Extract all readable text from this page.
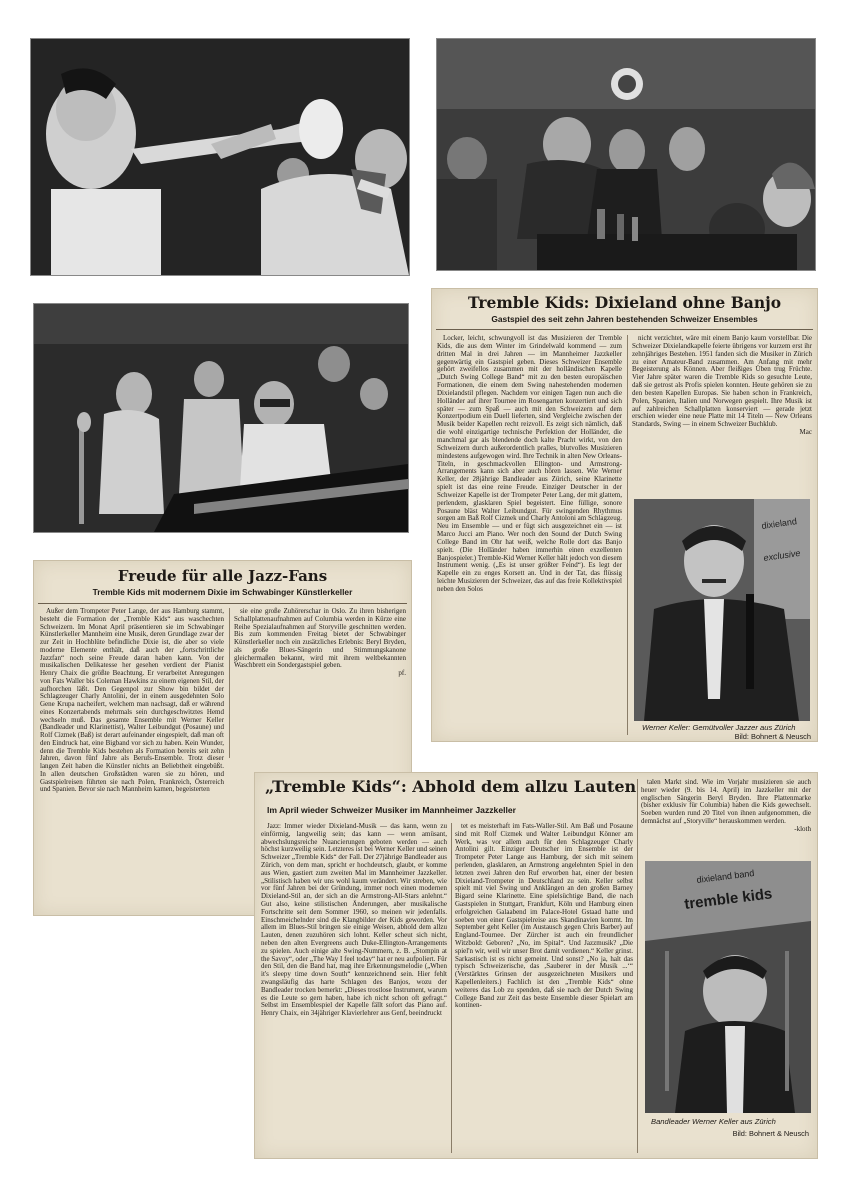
Tremble Kids: Dixieland ohne Banjo
Gastspiel des seit zehn Jahren bestehenden Schweizer Ensembles

Locker, leicht, schwungvoll ist das Musizieren der Tremble Kids, die aus dem Winter im Grindelwald kommend — zum dritten Mal in drei Jahren — im Mannheimer Jazzkeller gegenwärtig ein Gastspiel geben. Dieses Schweizer Ensemble gehört zweifellos zusammen mit der holländischen Kapelle „Dutch Swing College Band“ mit zu den besten europäischen Formationen, die einem dem Swing nahestehenden modernen Dixielandstil pflegen. Nachdem vor einigen Tagen nun auch die Holländer auf ihrer Tournee im Rosengarten konzertiert und sich später — zum Spaß — auch mit den Schweizern auf dem Konzertpodium ein Duell lieferten, sind Vergleiche zwischen der Musik beider Kapellen recht reizvoll. Es zeigt sich nämlich, daß die wohl einzigartige technische Perfektion der Holländer, die manchmal gar als blendende doch kalte Pracht wirkt, von den Schweizern durch außerordentlich pralles, blutvolles Musizieren mindestens aufgewogen wird. Ihre Technik in alten New Orleans-Titeln, in geschmackvollen Ellington- und Armstrong-Arrangements kann sich aber auch hören lassen. Wie Werner Keller, der 28jährige Bandleader aus Zürich, seine Klarinette spielt ist das eine reine Freude. Einziger Deutscher in der Schweizer Kapelle ist der Trompeter Peter Lang, der mit glattem, perlendem, glasklaren Spiel begeistert. Eine füllige, sonore Posaune bläst Walter Leibundgut. Für swingenden Rhythmus sorgen am Baß Rolf Cizmek und Charly Antoloni am Schlagzeug. Neu im Ensemble — und er fügt sich ausgezeichnet ein — ist Marco Jucci am Piano. Wer noch den Sound der Dutch Swing College Band im Ohr hat weiß, welche Rolle dort das Banjo spielt. (Die Holländer haben immerhin einen exzellenten Banjospieler.) Tremble-Kid Werner Keller hält jedoch von diesem Instrument wenig. („Es ist unser größter Feind“). Es legt der Kapelle ein zu enges Korsett an. Und in der Tat, das flüssig leichte Musizieren der Schweizer, das auf das freie Kollektivspiel neben den Solos

nicht verzichtet, wäre mit einem Banjo kaum vorstellbar. Die Schweizer Dixielandkapelle feierte übrigens vor kurzem erst ihr zehnjähriges Bestehen. 1951 fanden sich die Musiker in Zürich zu einer Amateur-Band zusammen. Am Anfang mit mehr Begeisterung als Können. Aber fleißiges Üben trug Früchte. Vier Jahre später waren die Tremble Kids so gesuchte Leute, daß sie getrost als Profis spielen konnten. Heute gehören sie zu den besten Kapellen Europas. Sie haben schon in Frankreich, Polen, Spanien, Italien und Norwegen gespielt. Ihre Musik ist auf zahlreichen Schallplatten konserviert — gerade jetzt erschien wieder eine neue Platte mit 14 Titeln — New Orleans Standards, Swing — in einem Schweizer Buchklub.

Mac
dixieland
exclusive
Werner Keller: Gemütvoller Jazzer aus Zürich
Bild: Bohnert & Neusch
Freude für alle Jazz-Fans
Tremble Kids mit modernem Dixie im Schwabinger Künstlerkeller

Außer dem Trompeter Peter Lange, der aus Hamburg stammt, besteht die Formation der „Tremble Kids“ aus waschechten Schweizern. Im Monat April präsentieren sie im Schwabinger Künstlerkeller Mannheim eine Musik, deren Grundlage zwar der zur Zeit in Hochblüte befindliche Dixie ist, die aber so viele moderne Elemente enthält, daß auch der „fortschrittliche Jazzfan“ noch seine Freude daran haben kann. Von der musikalischen Delikatesse her gesehen verdient der Pianist Henry Chaix die größte Beachtung. Er verarbeitet Anregungen von Fats Waller bis Coleman Hawkins zu einem eigenen Stil, der aufhorchen läßt. Den Gegenpol zur Show bin bildet der Schlagzeuger Charly Antolini, der in einem ausgedehnten Solo Gene Krupa nacheifert, welchem man nachsagt, daß er während eines Konzertabends mehrmals sein durchgeschwitztes Hemd wechseln muß. Das gesamte Ensemble mit Werner Keller (Bandleader und Klarinettist), Walter Leibundgut (Posaune) und Rolf Cizmek (Baß) ist derart aufeinander eingespielt, daß man oft den Eindruck hat, eine Bigband vor sich zu haben. Kein Wunder, denn die Tremble Kids bestehen als Formation bereits seit zehn Jahren, davon fünf Jahre als Berufs-Ensemble. Trotz dieser langen Zeit haben die Künstler nichts an Beliebtheit eingebüßt. In allen deutschen Großstädten waren sie zu hören, und Gastspielreisen führten sie nach Polen, Frankreich, Österreich und Spanien. Bevor sie nach Mannheim kamen, begeisterten

sie eine große Zuhörerschar in Oslo. Zu ihren bisherigen Schallplattenaufnahmen auf Columbia werden in Kürze eine Reihe Spezialaufnahmen auf Storyville geschnitten werden. Bis zum kommenden Freitag bietet der Schwabinger Künstlerkeller noch ein zusätzliches Erlebnis: Beryl Bryden, als große Blues-Sängerin und Stimmungskanone gleichermaßen bekannt, wird mit ihrem weltbekannten Waschbrett ein Sondergastspiel geben.

pf.
„Tremble Kids“: Abhold dem allzu Lauten
Im April wieder Schweizer Musiker im Mannheimer Jazzkeller

Jazz: Immer wieder Dixieland-Musik — das kann, wenn zu einförmig, langweilig sein; das kann — wenn amüsant, abwechslungsreiche Nuancierungen geboten werden — auch höchst kurzweilig sein. Letzteres ist bei Werner Keller und seinen Schweizer „Tremble Kids“ der Fall. Der 27jährige Bandleader aus Zürich, von dem man, spricht er hochdeutsch, glaubt, er komme aus Wien, gastiert zum zweiten Mal im Mannheimer Jazzkeller. „Stilistisch haben wir uns wohl kaum verändert. Wir streben, wie vor fünf Jahren bei der Gründung, immer noch einen modernen Dixieland-Stil an, der sich an die Armstrong-All-Stars anlehnt.“ Gut also, keine stilistischen Änderungen, aber musikalische Fortschritte seit dem Sommer 1960, so meinen wir jedenfalls. Einschmeichelnder sind die Klangbilder der Kids geworden. Vor allem im Blues-Stil bringen sie einige Weisen, abhold dem allzu Lauten, denen zuzuhören sich lohnt. Keller scheut sich nicht, neben den alten Evergreens auch Duke-Ellington-Arrangements zu spielen. Auch einige alte Swing-Nummern, z. B. „Stompin at the Savoy“, oder „The Way I feel today“ hat er neu aufpoliert. Für den Stil, den die Band hat, mag ihre Erkennungsmelodie („When it's sleepy time down South“ kennzeichnend sein. Hier fehlt zwangsläufig das harte Schlagen des Banjos, wozu der Bandleader trocken bemerkt: „Dieses trostlose Instrument, warum es die Leute so gern haben, habe ich nicht schon oft gefragt.“ Selbst im Ensemblespiel der Kapelle fällt sofort das Piano auf. Henry Chaix, ein 34jähriger Klavierlehrer aus Genf, beeindruckt

tet es meisterhaft im Fats-Waller-Stil. Am Baß und Posaune sind mit Rolf Cizmek und Walter Leibundgut Könner am Werk, was vor allem auch für den Schlagzeuger Charly Antolini gilt. Einziger Deutscher im Ensemble ist der Trompeter Peter Lange aus Hamburg, der sich mit seinem perlenden, glasklaren, an Armstrong angelehnten Spiel in den letzten zwei Jahren den Ruf erworben hat, einer der besten Dixieland-Trompeter in Deutschland zu sein. Keller selbst spielt mit viel Swing und Anklängen an den großen Barney Bigard seine Klarinette. Eine spielsüchtige Band, die nach Gastspielen in Stuttgart, Frankfurt, Köln und Hamburg einen erfolgreichen Galaabend im Palace-Hotel Gstaad hatte und soeben von einer Gastspielreise aus Skandinavien kommt. Im September geht Keller (im Austausch gegen Chris Barber) auf England-Tournee. Der Zürcher ist auch ein freundlicher Witzbold: Geboren? „No, im Spital“. Und Jazzmusik? „Die spiel'n wir, weil wir unser Brot damit verdienen.“ Keller grinst. Sarkastisch ist es nicht gemeint. Und sonst? „No ja, halt das typisch Schweizerische, das ‚Sauberer in der Musik ...‘“ (Verstärktes Grinsen der ausgezeichneten Musikers und Kapellenleiters.) Fachlich ist den „Tremble Kids“ ohne weiteres das Lob zu spenden, daß sie nach der Dutch Swing College Band zur Zeit das beste Ensemble dieser Spielart am kontinen-

talen Markt sind. Wie im Vorjahr musizieren sie auch heuer wieder (9. bis 14. April) im Jazzkeller mit der englischen Sängerin Beryl Bryden. Ihre Plattenmarke (bisher exklusiv für Columbia) haben die Kids gewechselt. Soeben wurden rund 20 Titel von ihnen aufgenommen, die demnächst auf „Storyville“ herauskommen werden.

-kloth
tremble kids
dixieland band
Bandleader Werner Keller aus Zürich
Bild: Bohnert & Neusch
